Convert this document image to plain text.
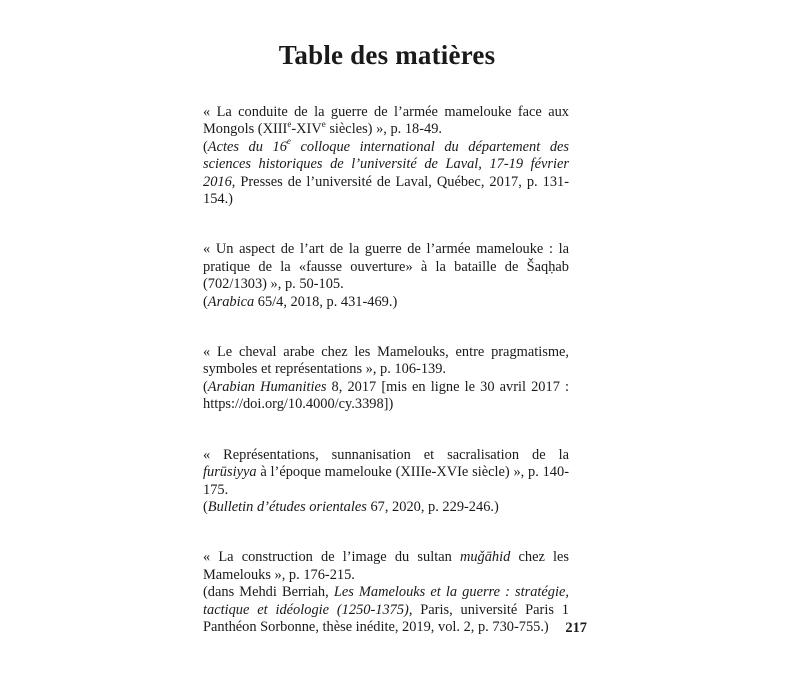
Table des matières

« La conduite de la guerre de l’armée mamelouke face aux Mongols (XIIIe-XIVe siècles) », p. 18-49.

(Actes du 16e colloque international du département des sciences historiques de l’université de Laval, 17-19 février 2016, Presses de l’université de Laval, Québec, 2017, p. 131-154.)

« Un aspect de l’art de la guerre de l’armée mamelouke : la pratique de la «fausse ouverture» à la bataille de Šaqḥab (702/1303) », p. 50-105.

(Arabica 65/4, 2018, p. 431-469.)

« Le cheval arabe chez les Mamelouks, entre pragmatisme, symboles et représentations », p. 106-139.

(Arabian Humanities 8, 2017 [mis en ligne le 30 avril 2017 : https://doi.org/10.4000/cy.3398])

« Représentations, sunnanisation et sacralisation de la furūsiyya à l’époque mamelouke (XIIIe-XVIe siècle) », p. 140-175.

(Bulletin d’études orientales 67, 2020, p. 229-246.)

« La construction de l’image du sultan muǧāhid chez les Mamelouks », p. 176-215.

(dans Mehdi Berriah, Les Mamelouks et la guerre : stratégie, tactique et idéologie (1250-1375), Paris, université Paris 1 Panthéon Sorbonne, thèse inédite, 2019, vol. 2, p. 730-755.)	217
